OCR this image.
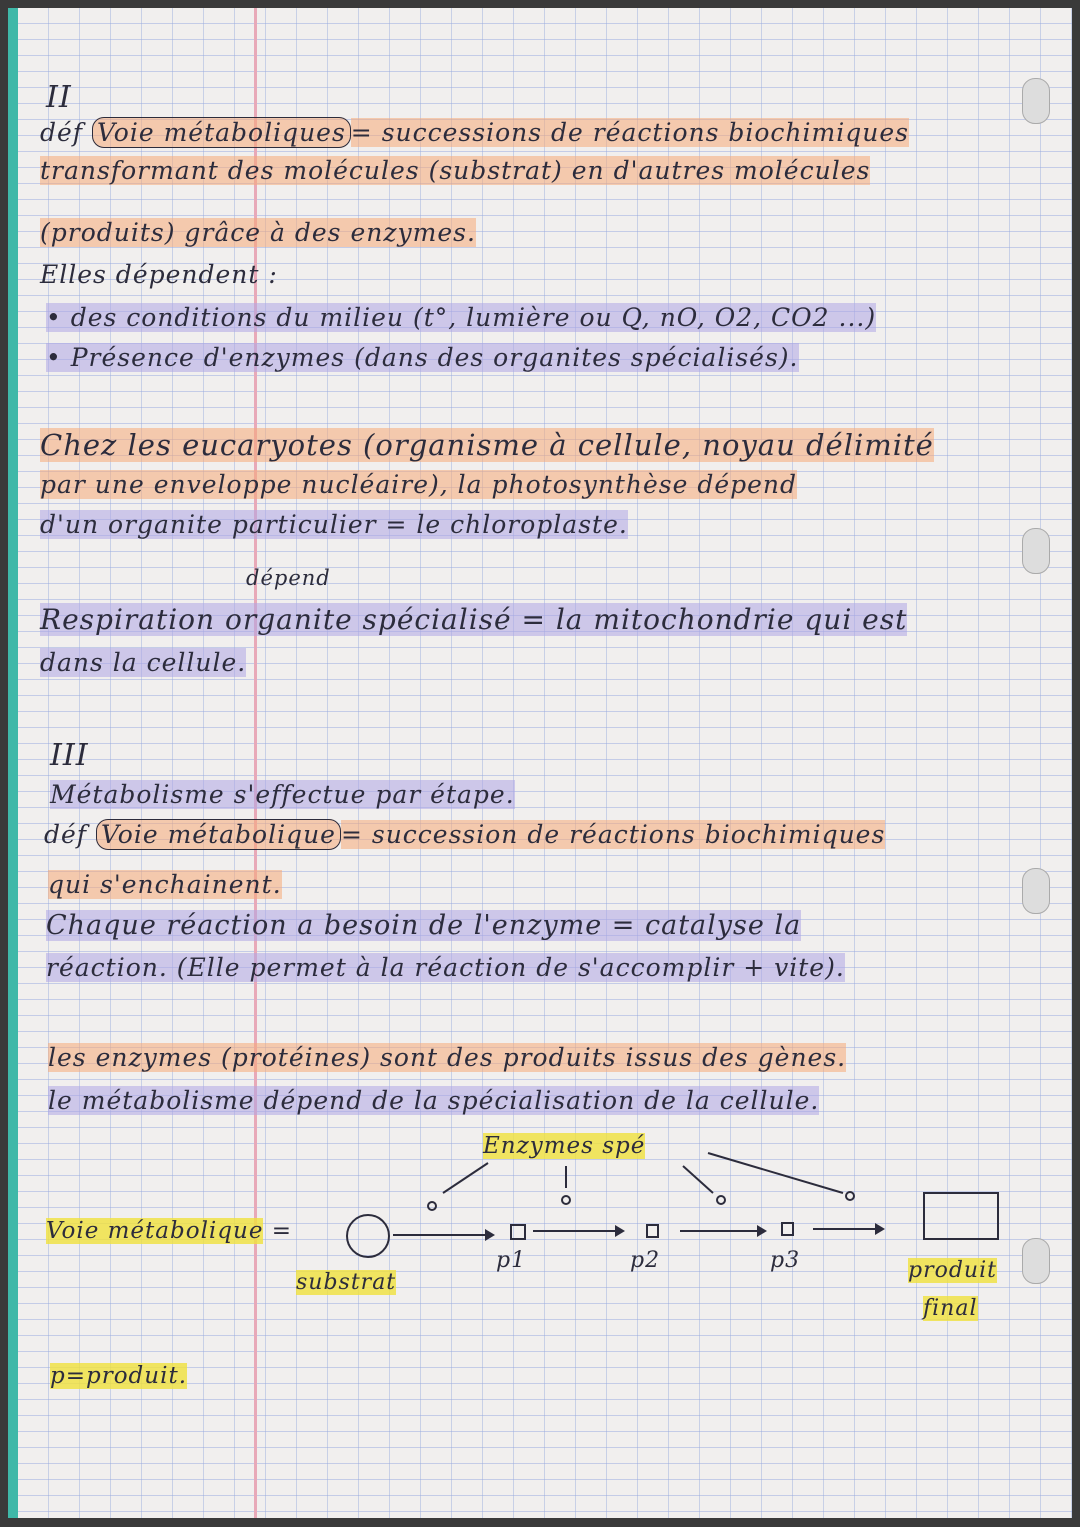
II
déf Voie métaboliques = successions de réactions biochimiques
transformant des molécules (substrat) en d'autres molécules
(produits) grâce à des enzymes.
Elles dépendent :
• des conditions du milieu (t°, lumière ou Q, nO, O2, CO2 ...)
• Présence d'enzymes (dans des organites spécialisés).
Chez les eucaryotes (organisme à cellule, noyau délimité
par une enveloppe nucléaire), la photosynthèse dépend
d'un organite particulier = le chloroplaste.
dépend
Respiration organite spécialisé = la mitochondrie qui est
dans la cellule.
III
Métabolisme s'effectue par étape.
déf Voie métabolique = succession de réactions biochimiques
qui s'enchainent.
Chaque réaction a besoin de l'enzyme = catalyse la
réaction. (Elle permet à la réaction de s'accomplir + vite).
les enzymes (protéines) sont des produits issus des gènes.
le métabolisme dépend de la spécialisation de la cellule.
Enzymes spé
Voie métabolique =
substrat
p1	p2	p3	produit
final
p=produit.
